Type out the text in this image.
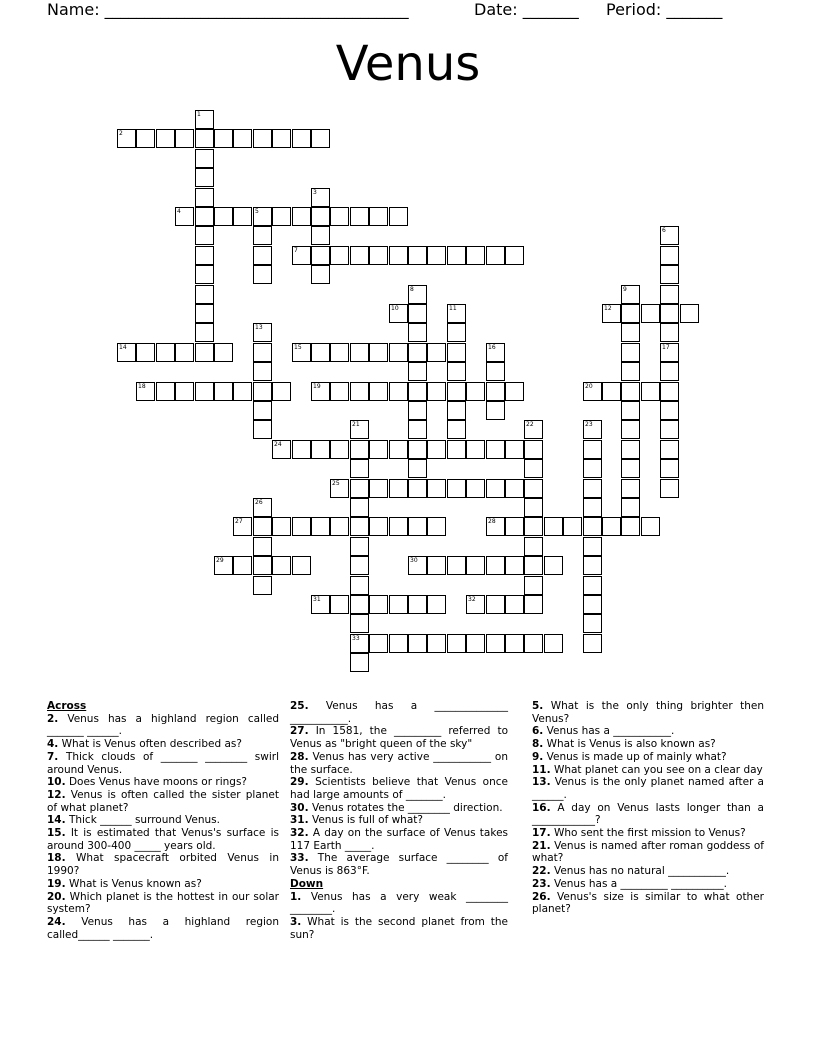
Name: ______________________________________	Date: _______ Period: _______
Venus
1
2
3
4	5
6
7
8	9
10	11	12
13
14	15	16	17
18	19	20
21	22	23
24
25
26
27	28
29	30
31	32
33
Across

2. Venus has a highland region called _______ ______.

4. What is Venus often described as?

7. Thick clouds of _______ ________ swirl around Venus.

10. Does Venus have moons or rings?

12. Venus is often called the sister planet of what planet?

14. Thick ______ surround Venus.

15. It is estimated that Venus's surface is around 300-400 _____ years old.

18. What spacecraft orbited Venus in 1990?

19. What is Venus known as?

20. Which planet is the hottest in our solar system?

24. Venus has a highland region called______ _______.

25. Venus has a ______________ ___________.

27. In 1581, the _________ referred to Venus as "bright queen of the sky"

28. Venus has very active ___________ on the surface.

29. Scientists believe that Venus once had large amounts of _______.

30. Venus rotates the ________ direction.

31. Venus is full of what?

32. A day on the surface of Venus takes 117 Earth _____.

33. The average surface ________ of Venus is 863°F.

Down

1. Venus has a very weak ________ ________.

3. What is the second planet from the sun?

5. What is the only thing brighter then Venus?

6. Venus has a ___________.

8. What is Venus is also known as?

9. Venus is made up of mainly what?

11. What planet can you see on a clear day

13. Venus is the only planet named after a ______.

16. A day on Venus lasts longer than a ____________?

17. Who sent the first mission to Venus?

21. Venus is named after roman goddess of what?

22. Venus has no natural ___________.

23. Venus has a _________ __________.

26. Venus's size is similar to what other planet?
